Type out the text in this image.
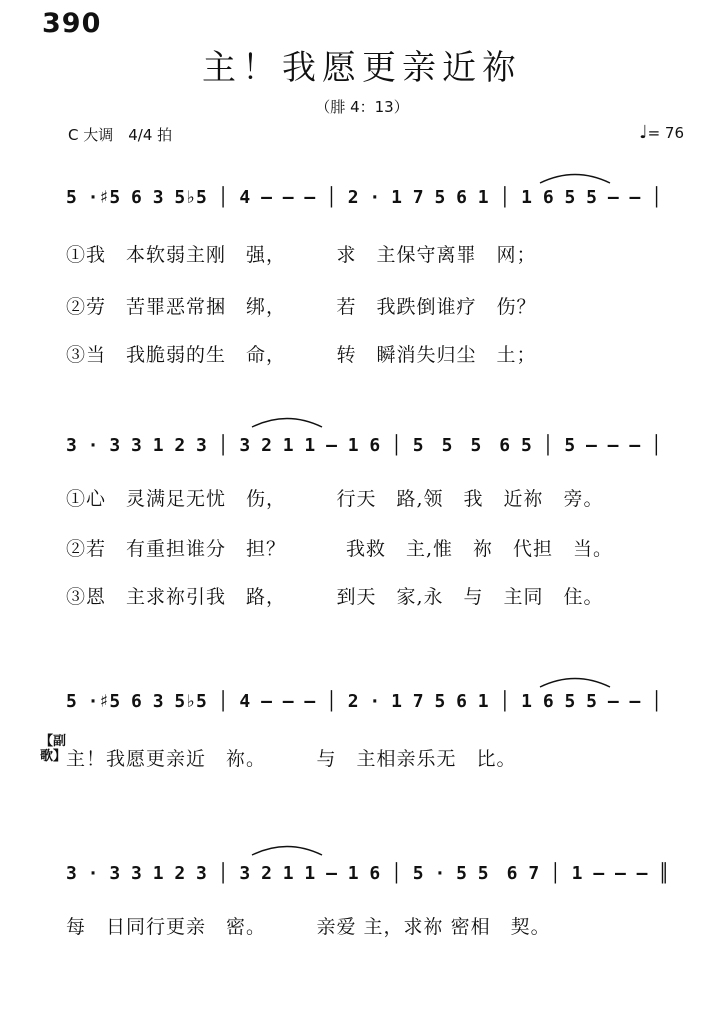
390
主！我愿更亲近祢
（腓 4：13）
C 大调　4/4 拍	♩= 76
5 ·♯5 6 3 5♭5 │ 4 – – – │ 2 · 1 7 5 6 1 │ 1 6 5 5 – – │
①我　本软弱主刚　强，　　　求　主保守离罪　网；
②劳　苦罪恶常捆　绑，　　　若　我跌倒谁疗　伤？
③当　我脆弱的生　命，　　　转　瞬消失归尘　土；
3 · 3 3 1 2 3 │ 3 2 1 1 – 1 6 │ 5　5　5　6 5 │ 5 – – – │
①心　灵满足无忧　伤，　　　行天　路,领　我　近祢　旁。
②若　有重担谁分　担？　　　我救　主,惟　祢　代担　当。
③恩　主求祢引我　路，　　　到天　家,永　与　主同　住。
5 ·♯5 6 3 5♭5 │ 4 – – – │ 2 · 1 7 5 6 1 │ 1 6 5 5 – – │
【副歌】 主！我愿更亲近　祢。　　　与　主相亲乐无　比。
3 · 3 3 1 2 3 │ 3 2 1 1 – 1 6 │ 5 · 5 5　6 7 │ 1 – – – ║
每　日同行更亲　密。　　　亲爱 主，求祢 密相　契。
